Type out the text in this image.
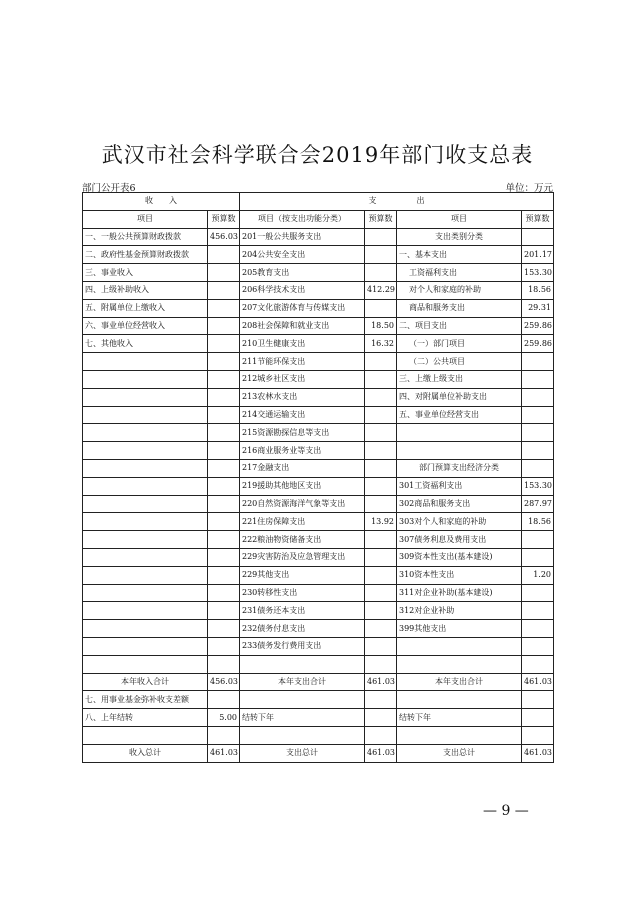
武汉市社会科学联合会2019年部门收支总表
部门公开表6	单位：万元
收　　入		支　　　　　出			
项目	预算数	项目（按支出功能分类）	预算数	项目	预算数
一、一般公共预算财政拨款	456.03	201一般公共服务支出		支出类别分类	
二、政府性基金预算财政拨款		204公共安全支出		一、基本支出	201.17
三、事业收入		205教育支出		工资福利支出	153.30
四、上级补助收入		206科学技术支出	412.29	对个人和家庭的补助	18.56
五、附属单位上缴收入		207文化旅游体育与传媒支出		商品和服务支出	29.31
六、事业单位经营收入		208社会保障和就业支出	18.50	二、项目支出	259.86
七、其他收入		210卫生健康支出	16.32	（一）部门项目	259.86
		211节能环保支出		（二）公共项目	
		212城乡社区支出		三、上缴上级支出	
		213农林水支出		四、对附属单位补助支出	
		214交通运输支出		五、事业单位经营支出	
		215资源勘探信息等支出			
		216商业服务业等支出			
		217金融支出		部门预算支出经济分类	
		219援助其他地区支出		301工资福利支出	153.30
		220自然资源海洋气象等支出		302商品和服务支出	287.97
		221住房保障支出	13.92	303对个人和家庭的补助	18.56
		222粮油物资储备支出		307债务利息及费用支出	
		229灾害防治及应急管理支出		309资本性支出(基本建设)	
		229其他支出		310资本性支出	1.20
		230转移性支出		311对企业补助(基本建设)	
		231债务还本支出		312对企业补助	
		232债务付息支出		399其他支出	
		233债务发行费用支出			

本年收入合计	456.03	本年支出合计	461.03	本年支出合计	461.03
七、用事业基金弥补收支差额					
八、上年结转	5.00	结转下年		结转下年	

收入总计	461.03	支出总计	461.03	支出总计	461.03
— 9 —
